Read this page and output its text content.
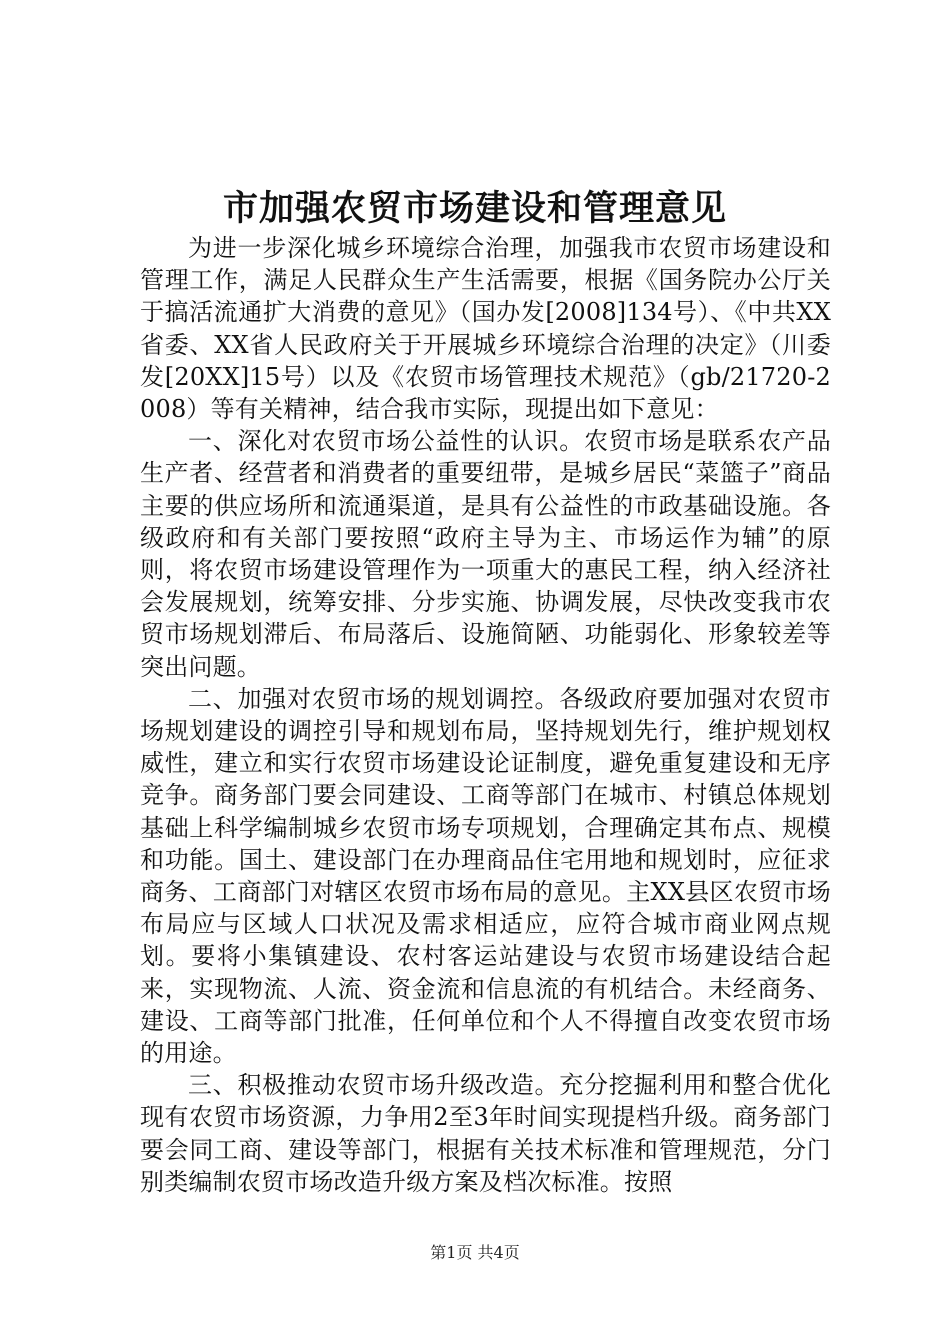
市加强农贸市场建设和管理意见

为进一步深化城乡环境综合治理，加强我市农贸市场建设和管理工作，满足人民群众生产生活需要，根据《国务院办公厅关于搞活流通扩大消费的意见》（国办发[2008]134号）、《中共XX省委、XX省人民政府关于开展城乡环境综合治理的决定》（川委发[20XX]15号）以及《农贸市场管理技术规范》（gb/21720-2008）等有关精神，结合我市实际，现提出如下意见：

一、深化对农贸市场公益性的认识。农贸市场是联系农产品生产者、经营者和消费者的重要纽带，是城乡居民“菜篮子”商品主要的供应场所和流通渠道，是具有公益性的市政基础设施。各级政府和有关部门要按照“政府主导为主、市场运作为辅”的原则，将农贸市场建设管理作为一项重大的惠民工程，纳入经济社会发展规划，统筹安排、分步实施、协调发展，尽快改变我市农贸市场规划滞后、布局落后、设施简陋、功能弱化、形象较差等突出问题。

二、加强对农贸市场的规划调控。各级政府要加强对农贸市场规划建设的调控引导和规划布局，坚持规划先行，维护规划权威性，建立和实行农贸市场建设论证制度，避免重复建设和无序竞争。商务部门要会同建设、工商等部门在城市、村镇总体规划基础上科学编制城乡农贸市场专项规划，合理确定其布点、规模和功能。国土、建设部门在办理商品住宅用地和规划时，应征求商务、工商部门对辖区农贸市场布局的意见。主XX县区农贸市场布局应与区域人口状况及需求相适应，应符合城市商业网点规划。要将小集镇建设、农村客运站建设与农贸市场建设结合起来，实现物流、人流、资金流和信息流的有机结合。未经商务、建设、工商等部门批准，任何单位和个人不得擅自改变农贸市场的用途。

三、积极推动农贸市场升级改造。充分挖掘利用和整合优化现有农贸市场资源，力争用2至3年时间实现提档升级。商务部门要会同工商、建设等部门，根据有关技术标准和管理规范，分门别类编制农贸市场改造升级方案及档次标准。按照

第1页 共4页
